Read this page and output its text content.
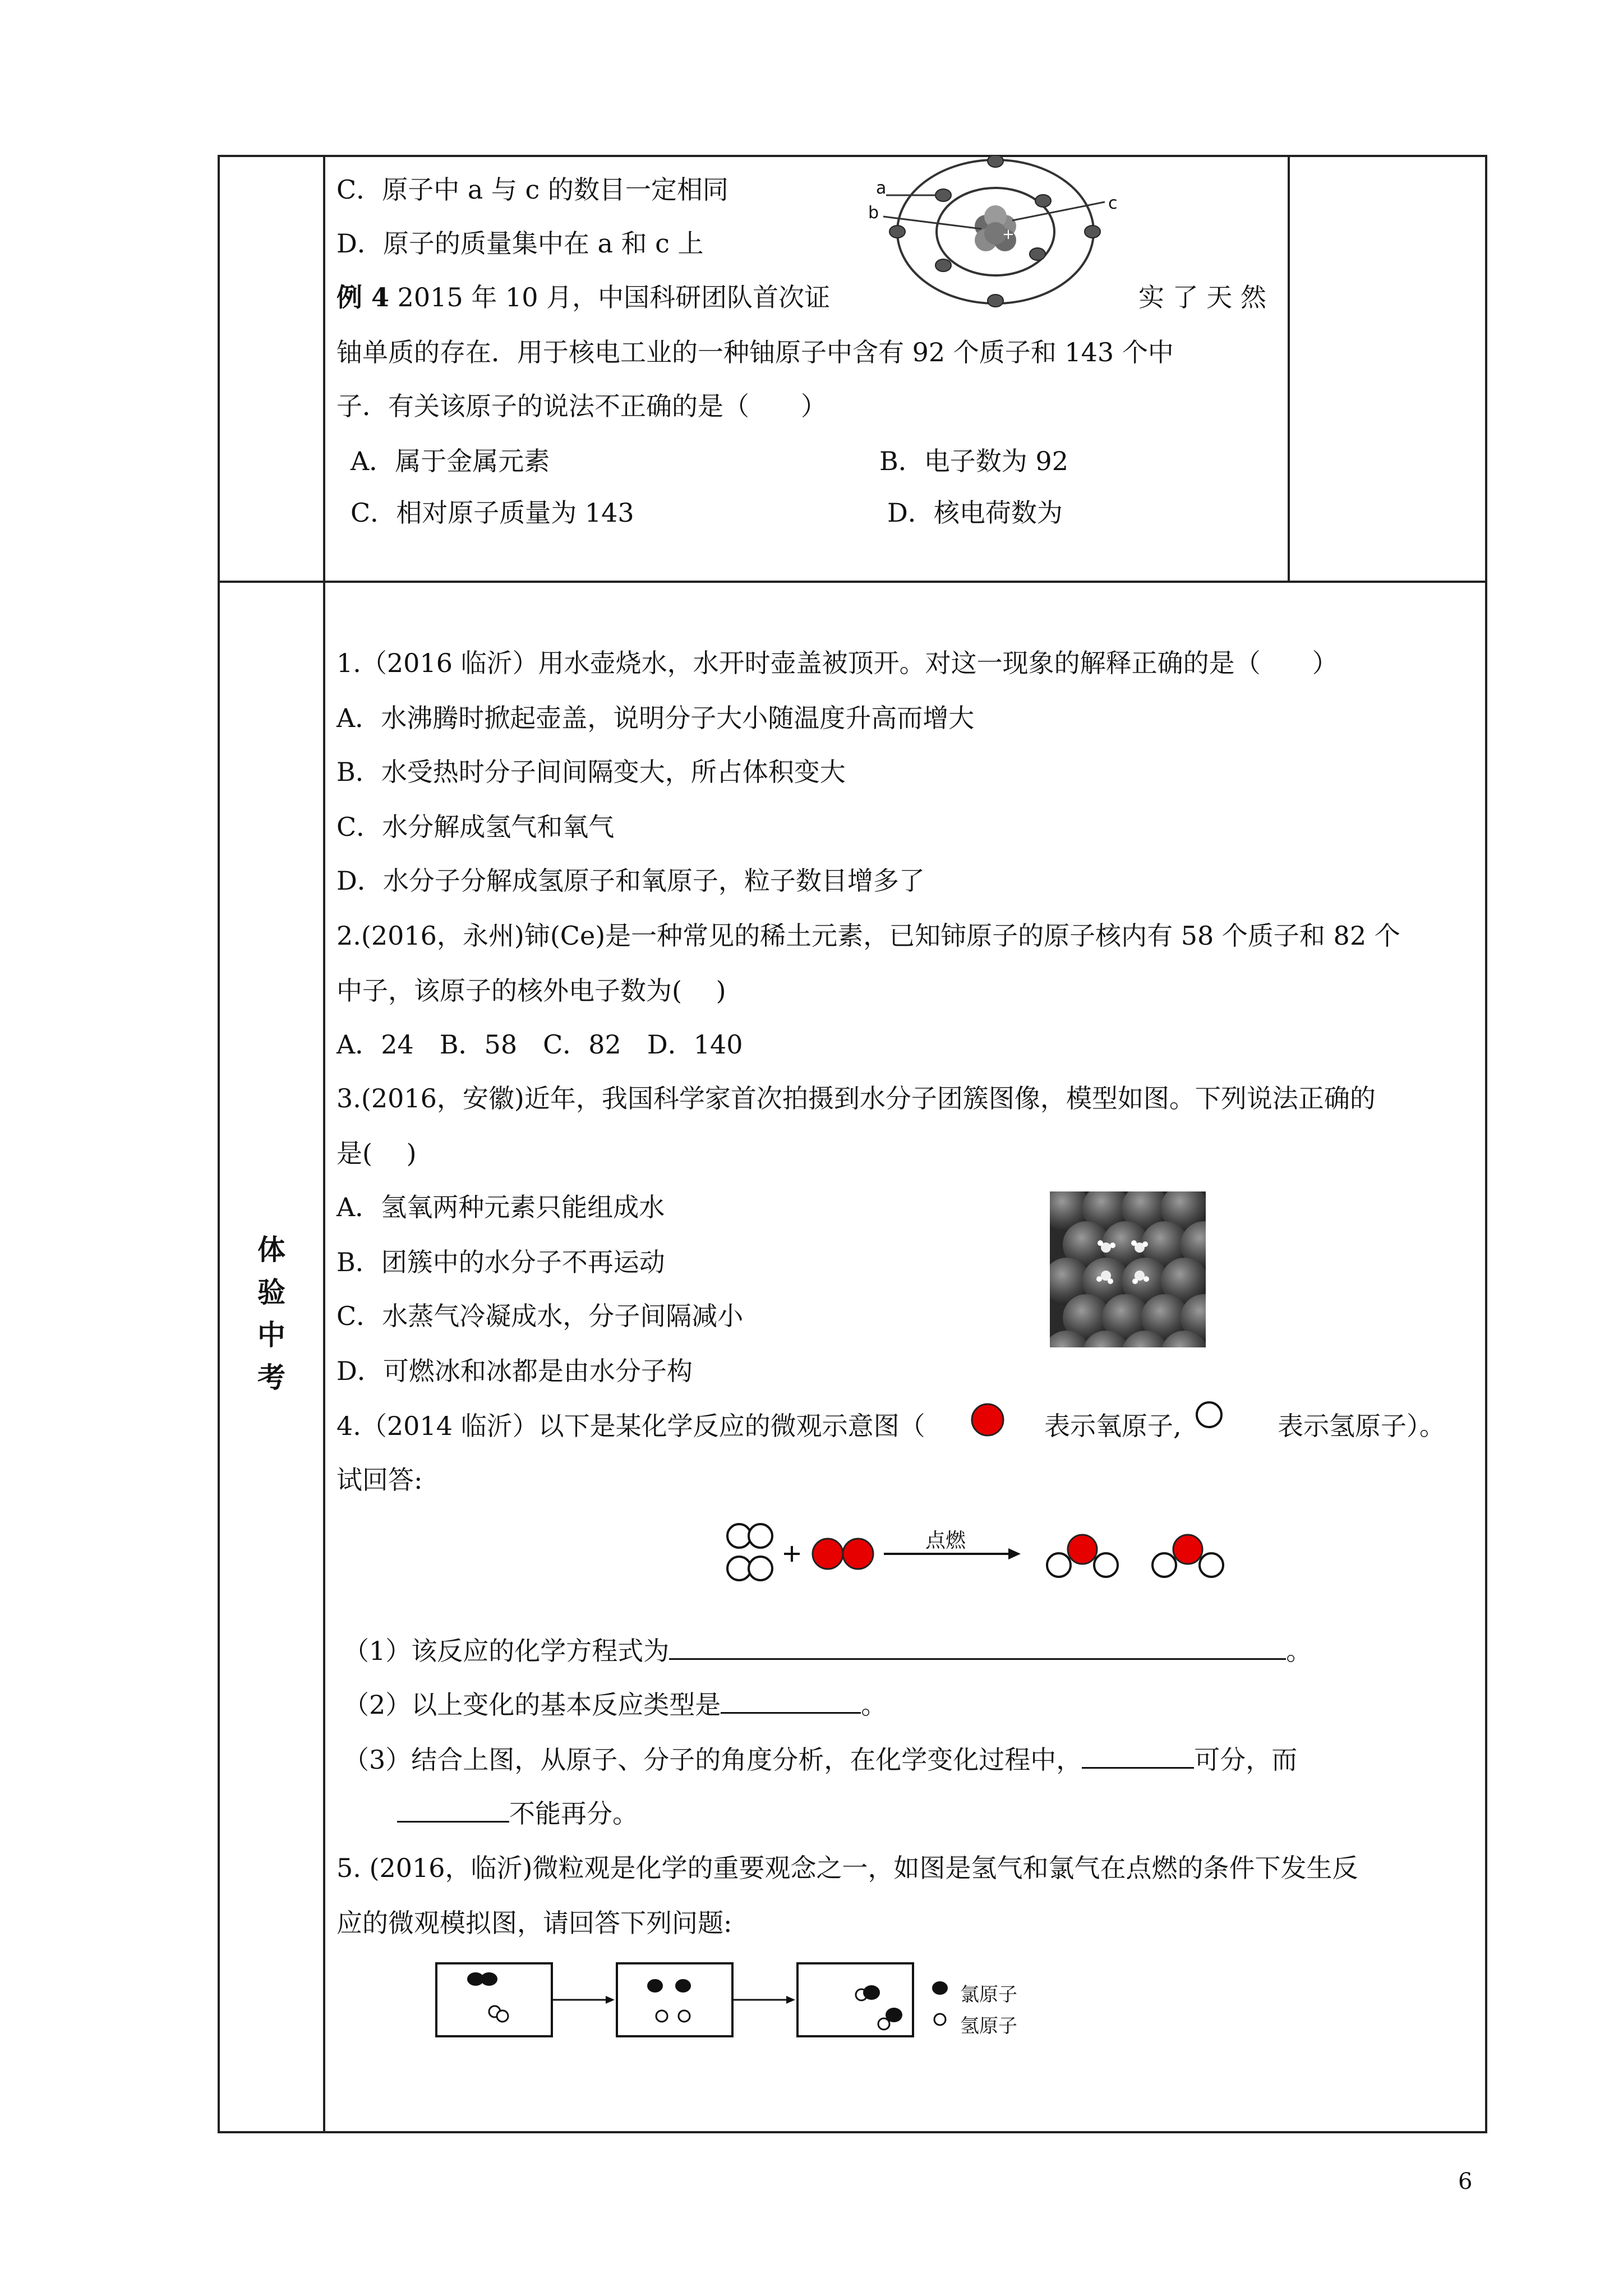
C．原子中 a 与 c 的数目一定相同
D．原子的质量集中在 a 和 c 上	+
a
b	c
例 4 2015 年 10 月，中国科研团队首次证	实 了 天 然
铀单质的存在．用于核电工业的一种铀原子中含有 92 个质子和 143 个中
子．有关该原子的说法不正确的是（　　）
A．属于金属元素	B．电子数为 92
C．相对原子质量为 143	D．核电荷数为
体
验
中
考
1.（2016 临沂）用水壶烧水，水开时壶盖被顶开。对这一现象的解释正确的是（　　）
A．水沸腾时掀起壶盖，说明分子大小随温度升高而增大
B．水受热时分子间间隔变大，所占体积变大
C．水分解成氢气和氧气
D．水分子分解成氢原子和氧原子，粒子数目增多了
2.(2016，永州)铈(Ce)是一种常见的稀土元素，已知铈原子的原子核内有 58 个质子和 82 个
中子，该原子的核外电子数为(　 )
A．24　B．58　C．82　D．140
3.(2016，安徽)近年，我国科学家首次拍摄到水分子团簇图像，模型如图。下列说法正确的
是(　 )
A．氢氧两种元素只能组成水
B．团簇中的水分子不再运动
C．水蒸气冷凝成水，分子间隔减小
D．可燃冰和冰都是由水分子构
4.（2014 临沂）以下是某化学反应的微观示意图（	表示氧原子,	表示氢原子）。
试回答:
点燃
（1）该反应的化学方程式为	。
（2）以上变化的基本反应类型是	。
（3）结合上图，从原子、分子的角度分析，在化学变化过程中，	可分，而
不能再分。
5. (2016，临沂)微粒观是化学的重要观念之一，如图是氢气和氯气在点燃的条件下发生反
应的微观模拟图，请回答下列问题:
氯原子
氢原子
6
